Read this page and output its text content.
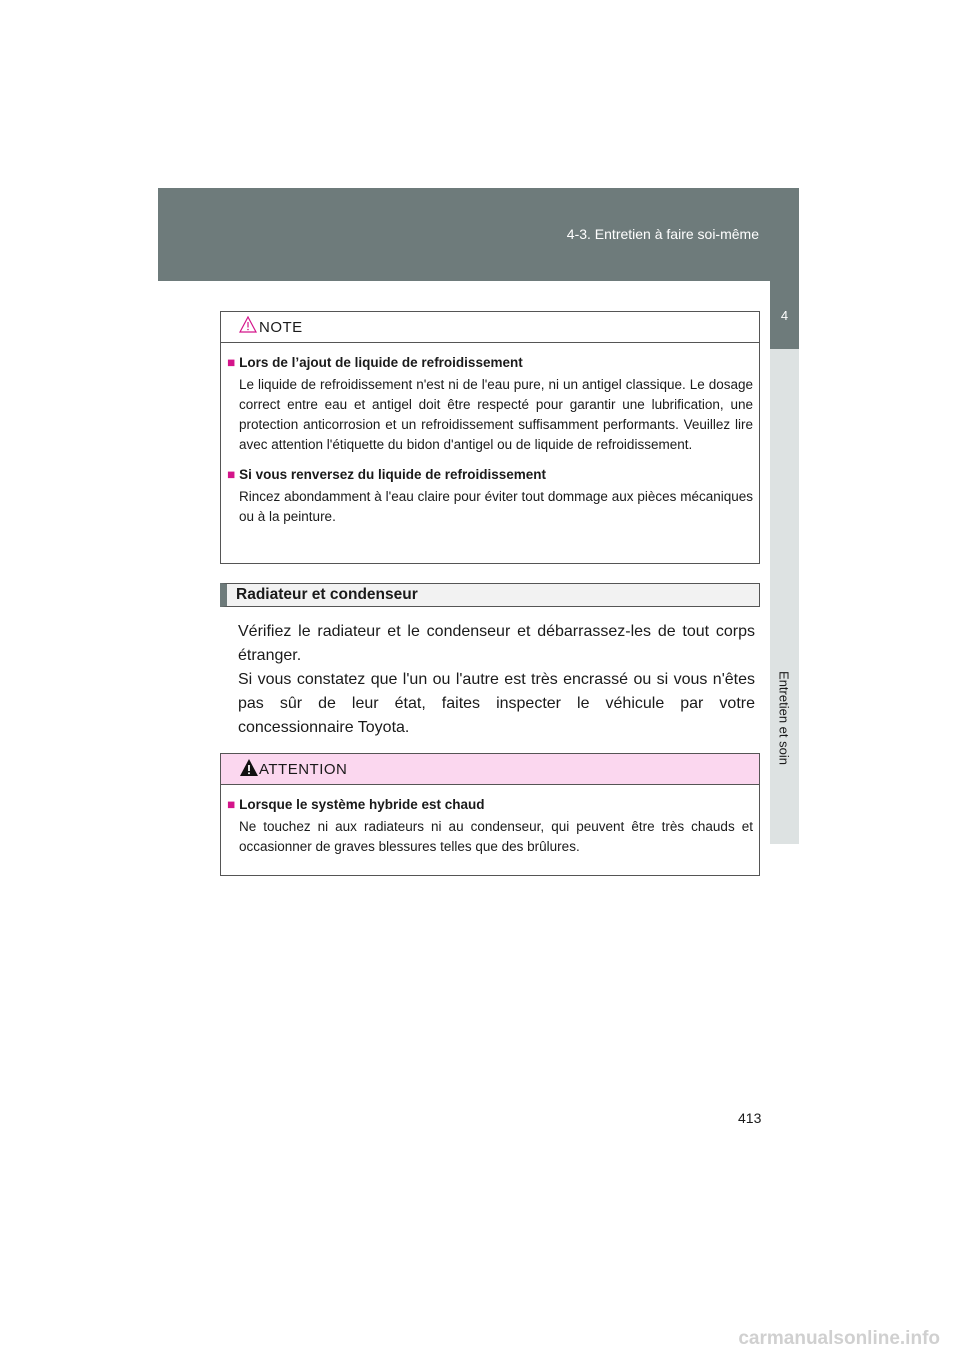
4-3. Entretien à faire soi-même
4
Entretien et soin
NOTE
■ Lors de l’ajout de liquide de refroidissement
Le liquide de refroidissement n'est ni de l'eau pure, ni un antigel classique. Le dosage correct entre eau et antigel doit être respecté pour garantir une lubrification, une protection anticorrosion et un refroidissement suffisamment performants. Veuillez lire avec attention l'étiquette du bidon d'antigel ou de liquide de refroidissement.
■ Si vous renversez du liquide de refroidissement
Rincez abondamment à l'eau claire pour éviter tout dommage aux pièces mécaniques ou à la peinture.
Radiateur et condenseur
Vérifiez le radiateur et le condenseur et débarrassez-les de tout corps étranger.
Si vous constatez que l'un ou l'autre est très encrassé ou si vous n'êtes pas sûr de leur état, faites inspecter le véhicule par votre concessionnaire Toyota.
ATTENTION
■ Lorsque le système hybride est chaud
Ne touchez ni aux radiateurs ni au condenseur, qui peuvent être très chauds et occasionner de graves blessures telles que des brûlures.
413
carmanualsonline.info
